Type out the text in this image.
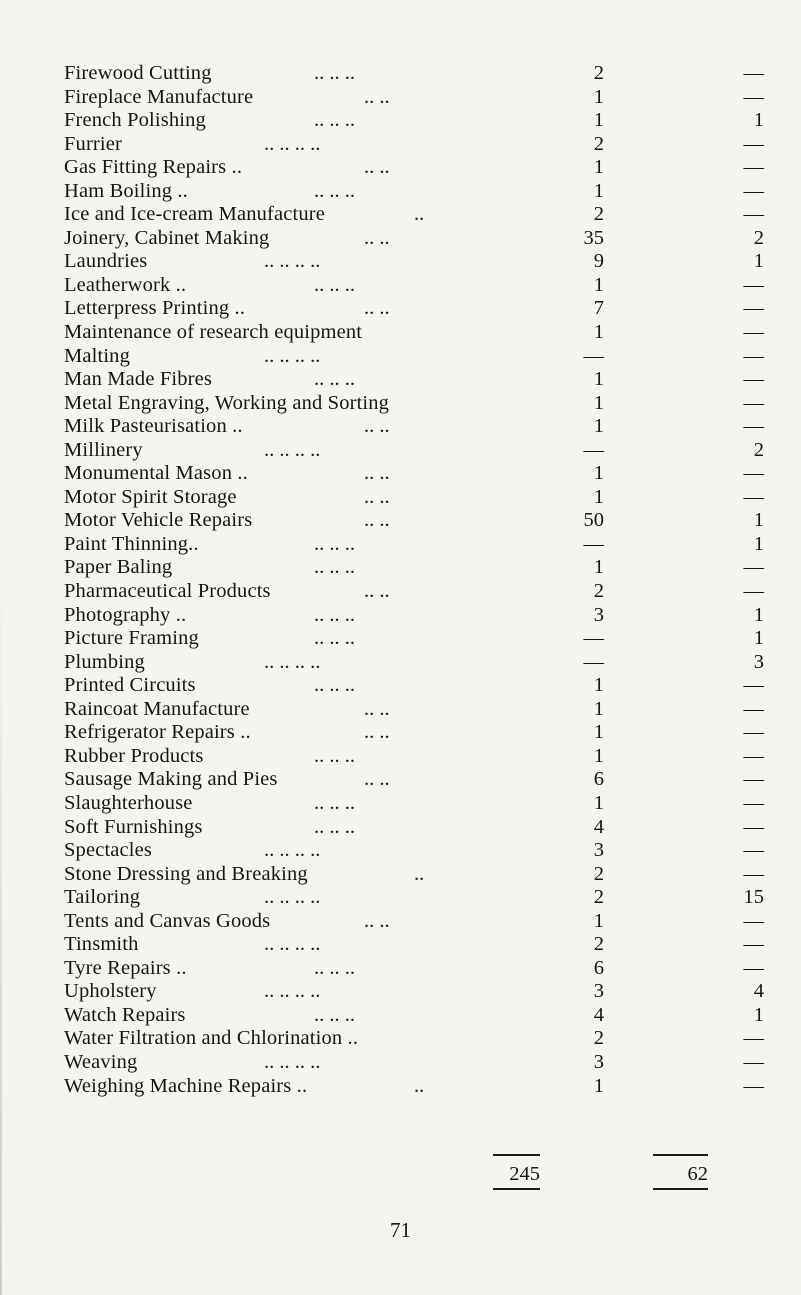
Firewood Cutting	.. .. ..	2	—
Fireplace Manufacture	.. ..	1	—
French Polishing	.. .. ..	1	1
Furrier	.. .. .. ..	2	—
Gas Fitting Repairs ..	.. ..	1	—
Ham Boiling ..	.. .. ..	1	—
Ice and Ice-cream Manufacture	..	2	—
Joinery, Cabinet Making	.. ..	35	2
Laundries	.. .. .. ..	9	1
Leatherwork ..	.. .. ..	1	—
Letterpress Printing ..	.. ..	7	—
Maintenance of research equipment	1	—
Malting	.. .. .. ..	—	—
Man Made Fibres	.. .. ..	1	—
Metal Engraving, Working and Sorting	1	—
Milk Pasteurisation ..	.. ..	1	—
Millinery	.. .. .. ..	—	2
Monumental Mason ..	.. ..	1	—
Motor Spirit Storage	.. ..	1	—
Motor Vehicle Repairs	.. ..	50	1
Paint Thinning..	.. .. ..	—	1
Paper Baling	.. .. ..	1	—
Pharmaceutical Products	.. ..	2	—
Photography ..	.. .. ..	3	1
Picture Framing	.. .. ..	—	1
Plumbing	.. .. .. ..	—	3
Printed Circuits	.. .. ..	1	—
Raincoat Manufacture	.. ..	1	—
Refrigerator Repairs ..	.. ..	1	—
Rubber Products	.. .. ..	1	—
Sausage Making and Pies	.. ..	6	—
Slaughterhouse	.. .. ..	1	—
Soft Furnishings	.. .. ..	4	—
Spectacles	.. .. .. ..	3	—
Stone Dressing and Breaking	..	2	—
Tailoring	.. .. .. ..	2	15
Tents and Canvas Goods	.. ..	1	—
Tinsmith	.. .. .. ..	2	—
Tyre Repairs ..	.. .. ..	6	—
Upholstery	.. .. .. ..	3	4
Watch Repairs	.. .. ..	4	1
Water Filtration and Chlorination ..	2	—
Weaving	.. .. .. ..	3	—
Weighing Machine Repairs ..	..	1	—
245	62
71
